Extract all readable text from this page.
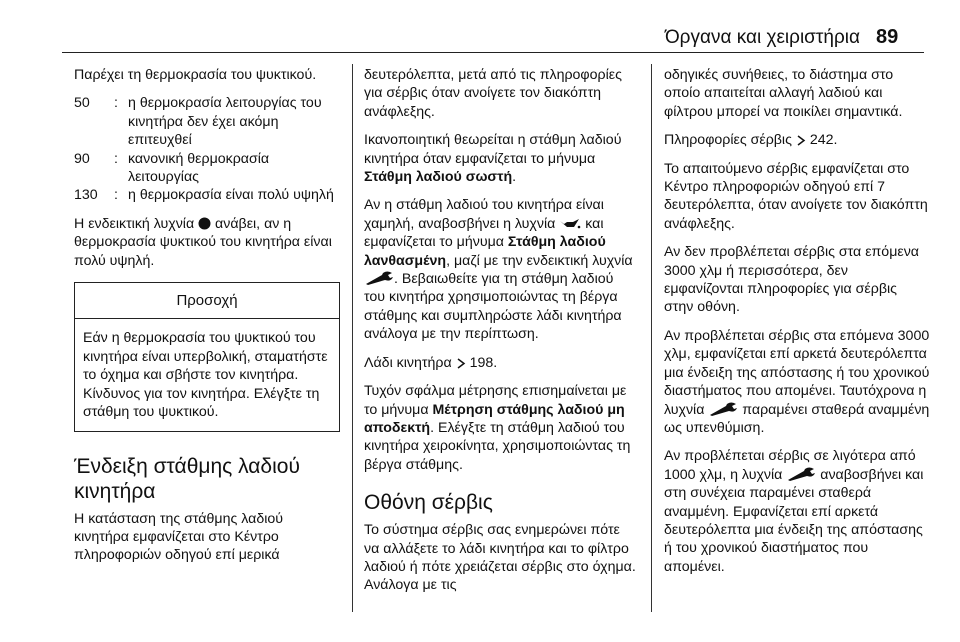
Όργανα και χειριστήρια 89

Παρέχει τη θερμοκρασία του ψυκτικού.

50	: η θερμοκρασία λειτουργίας του κινητήρα δεν έχει ακόμη επιτευχθεί
90	: κανονική θερμοκρασία λειτουργίας
130	: η θερμοκρασία είναι πολύ υψηλή

Η ενδεικτική λυχνία  ανάβει, αν η θερμοκρασία ψυκτικού του κινητήρα είναι πολύ υψηλή.

Προσοχή
Εάν η θερμοκρασία του ψυκτικού του κινητήρα είναι υπερβολική, σταματήστε το όχημα και σβήστε τον κινητήρα. Κίνδυνος για τον κινητήρα. Ελέγξτε τη στάθμη του ψυκτικού.
Ένδειξη στάθμης λαδιού κινητήρα

Η κατάσταση της στάθμης λαδιού κινητήρα εμφανίζεται στο Κέντρο πληροφοριών οδηγού επί μερικά

δευτερόλεπτα, μετά από τις πληροφορίες για σέρβις όταν ανοίγετε τον διακόπτη ανάφλεξης.

Ικανοποιητική θεωρείται η στάθμη λαδιού κινητήρα όταν εμφανίζεται το μήνυμα Στάθμη λαδιού σωστή.

Αν η στάθμη λαδιού του κινητήρα είναι χαμηλή, αναβοσβήνει η λυχνία  και εμφανίζεται το μήνυμα Στάθμη λαδιού λανθασμένη, μαζί με την ενδεικτική λυχνία . Βεβαιωθείτε για τη στάθμη λαδιού του κινητήρα χρησιμοποιώντας τη βέργα στάθμης και συμπληρώστε λάδι κινητήρα ανάλογα με την περίπτωση.

Λάδι κινητήρα  198.

Τυχόν σφάλμα μέτρησης επισημαίνεται με το μήνυμα Μέτρηση στάθμης λαδιού μη αποδεκτή. Ελέγξτε τη στάθμη λαδιού του κινητήρα χειροκίνητα, χρησιμοποιώντας τη βέργα στάθμης.

Οθόνη σέρβις

Το σύστημα σέρβις σας ενημερώνει πότε να αλλάξετε το λάδι κινητήρα και το φίλτρο λαδιού ή πότε χρειάζεται σέρβις στο όχημα. Ανάλογα με τις

οδηγικές συνήθειες, το διάστημα στο οποίο απαιτείται αλλαγή λαδιού και φίλτρου μπορεί να ποικίλει σημαντικά.

Πληροφορίες σέρβις  242.

Το απαιτούμενο σέρβις εμφανίζεται στο Κέντρο πληροφοριών οδηγού επί 7 δευτερόλεπτα, όταν ανοίγετε τον διακόπτη ανάφλεξης.

Αν δεν προβλέπεται σέρβις στα επόμενα 3000 χλμ ή περισσότερα, δεν εμφανίζονται πληροφορίες για σέρβις στην οθόνη.

Αν προβλέπεται σέρβις στα επόμενα 3000 χλμ, εμφανίζεται επί αρκετά δευτερόλεπτα μια ένδειξη της απόστασης ή του χρονικού διαστήματος που απομένει. Ταυτόχρονα η λυχνία  παραμένει σταθερά αναμμένη ως υπενθύμιση.

Αν προβλέπεται σέρβις σε λιγότερα από 1000 χλμ, η λυχνία  αναβοσβήνει και στη συνέχεια παραμένει σταθερά αναμμένη. Εμφανίζεται επί αρκετά δευτερόλεπτα μια ένδειξη της απόστασης ή του χρονικού διαστήματος που απομένει.
